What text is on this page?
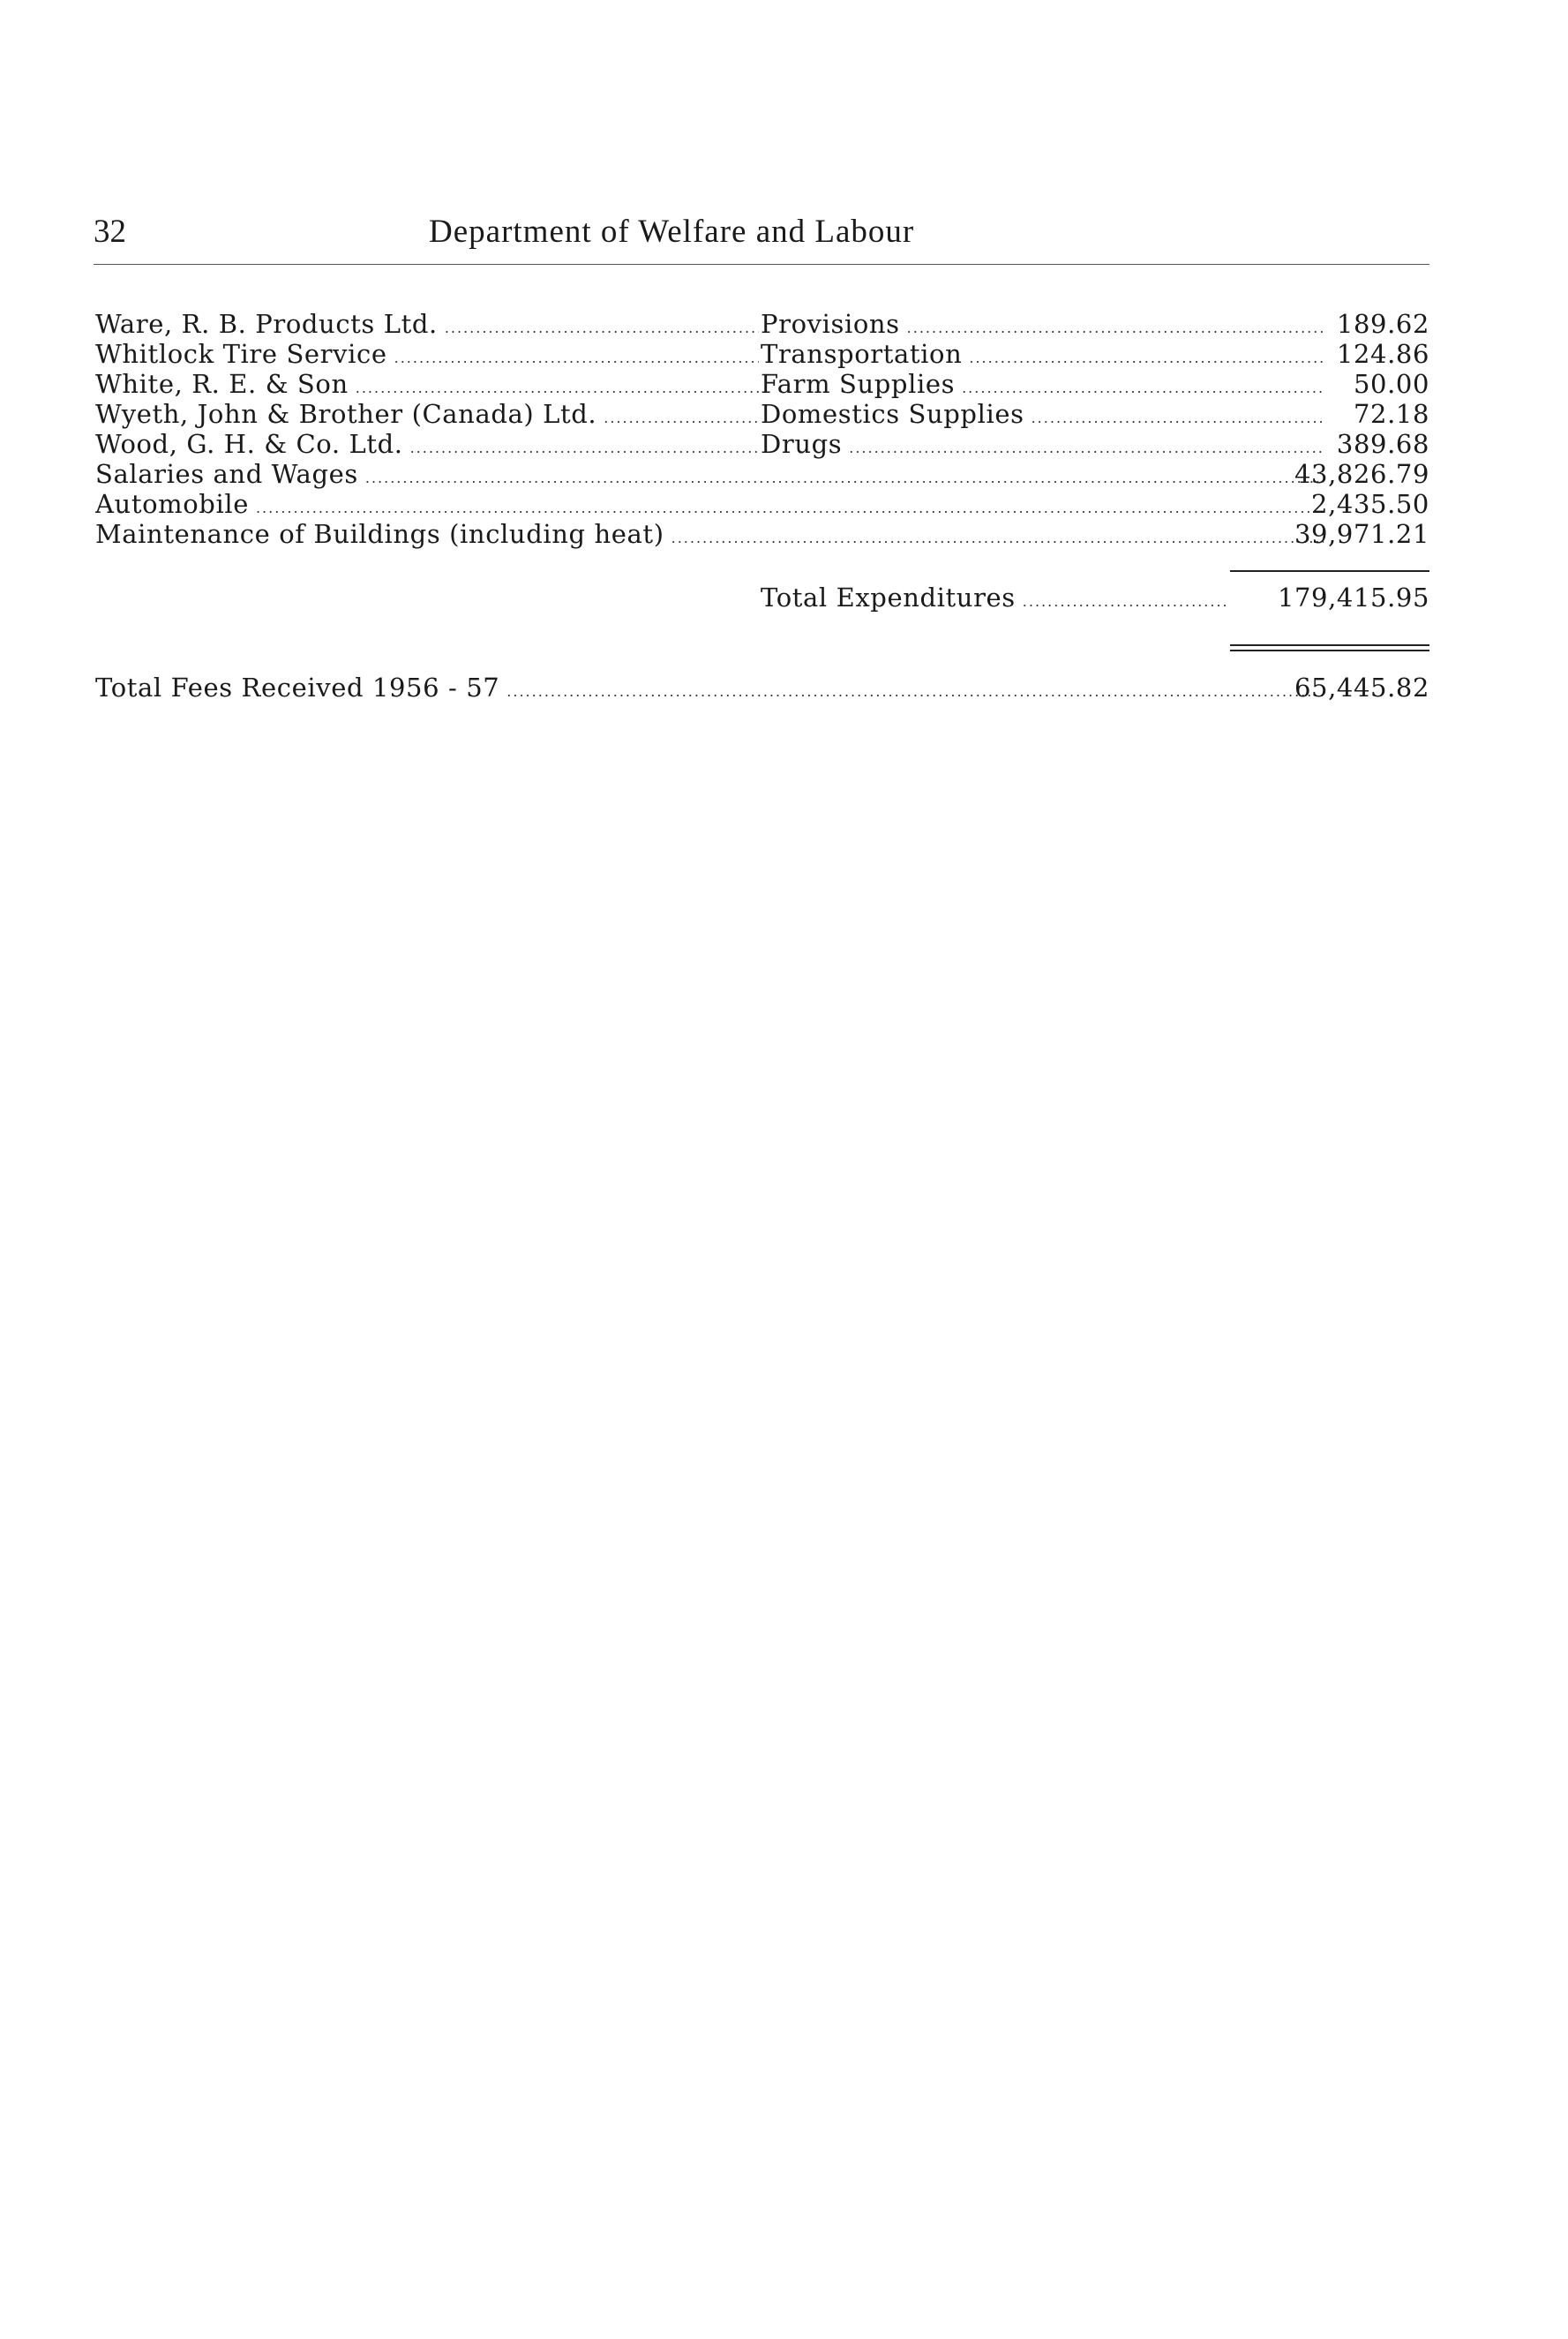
32	Department of Welfare and Labour
Ware, R. B. Products Ltd. .....	Provisions .....	189.62
Whitlock Tire Service .....	Transportation .....	124.86
White, R. E. & Son .....	Farm Supplies .....	50.00
Wyeth, John & Brother (Canada) Ltd. .....	Domestics Supplies .....	72.18
Wood, G. H. & Co. Ltd. .....	Drugs .....	389.68
Salaries and Wages .....	43,826.79
Automobile .....	2,435.50
Maintenance of Buildings (including heat) .....	39,971.21
Total Expenditures .....	179,415.95
Total Fees Received 1956 - 57 .....	65,445.82
